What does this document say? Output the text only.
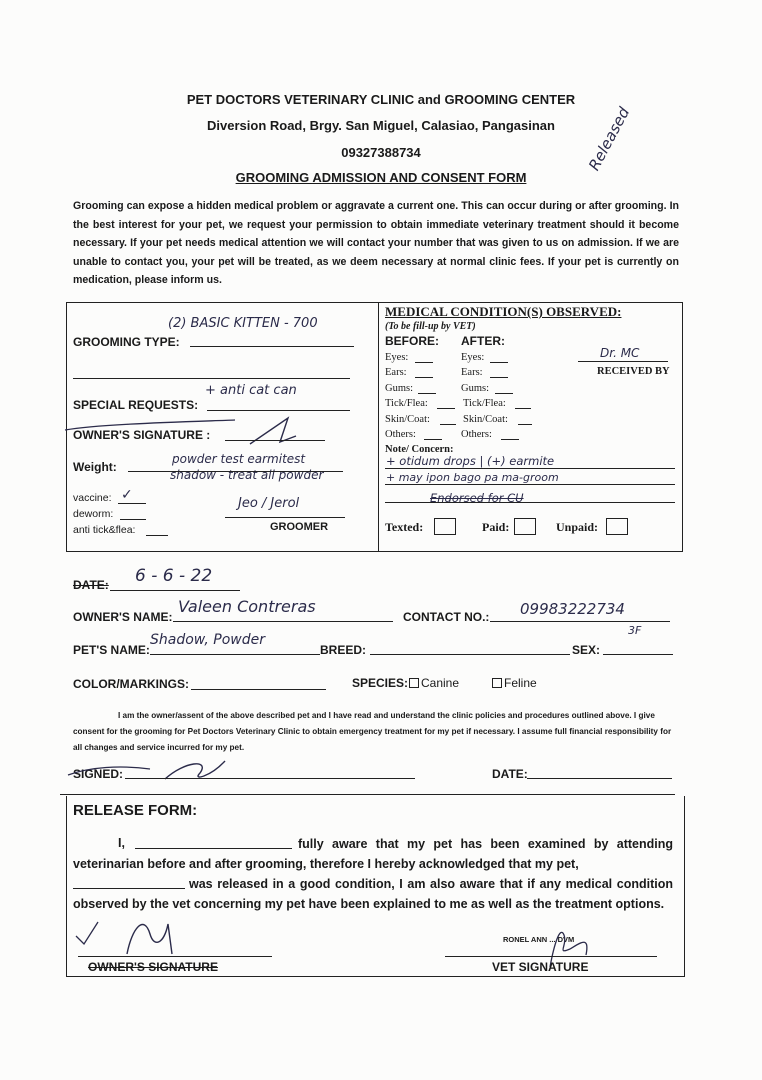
PET DOCTORS VETERINARY CLINIC and GROOMING CENTER
Diversion Road, Brgy. San Miguel, Calasiao, Pangasinan
09327388734
GROOMING ADMISSION AND CONSENT FORM
Released
Grooming can expose a hidden medical problem or aggravate a current one. This can occur during or after grooming. In the best interest for your pet, we request your permission to obtain immediate veterinary treatment should it become necessary. If your pet needs medical attention we will contact your number that was given to us on admission. If we are unable to contact you, your pet will be treated, as we deem necessary at normal clinic fees. If your pet is currently on medication, please inform us.
(2) BASIC KITTEN - 700
GROOMING TYPE:
+ anti cat can
SPECIAL REQUESTS:
OWNER'S SIGNATURE :
Weight:
powder test earmitest
shadow - treat all powder
vaccine: ✓
deworm:
anti tick&flea:
Jeo / Jerol
GROOMER
MEDICAL CONDITION(S) OBSERVED:
(To be fill-up by VET)
BEFORE: AFTER:
Eyes:	Eyes:
Ears:	Ears:
Gums:	Gums:
Tick/Flea:	Tick/Flea:
Skin/Coat:	Skin/Coat:
Others:	Others:
Dr. MC
RECEIVED BY
Note/ Concern:
+ otidum drops | (+) earmite
+ may ipon bago pa ma-groom
Endorsed for CU
Texted:	Paid:	Unpaid:
DATE: 6 - 6 - 22
OWNER'S NAME:
Valeen Contreras
CONTACT NO.: 09983222734
PET'S NAME:
Shadow, Powder
BREED:	SEX:
3F
COLOR/MARKINGS:	SPECIES: Canine	Feline
I am the owner/assent of the above described pet and I have read and understand the clinic policies and procedures outlined above. I give consent for the grooming for Pet Doctors Veterinary Clinic to obtain emergency treatment for my pet if necessary. I assume full financial responsibility for all changes and service incurred for my pet.
SIGNED:	DATE:
RELEASE FORM:
I,	fully aware that my pet has been examined by attending veterinarian before and after grooming, therefore I hereby acknowledged that my pet,
was released in a good condition, I am also aware that if any medical condition observed by the vet concerning my pet have been explained to me as well as the treatment options.
OWNER'S SIGNATURE
RONEL ANN ... DVM
VET SIGNATURE
